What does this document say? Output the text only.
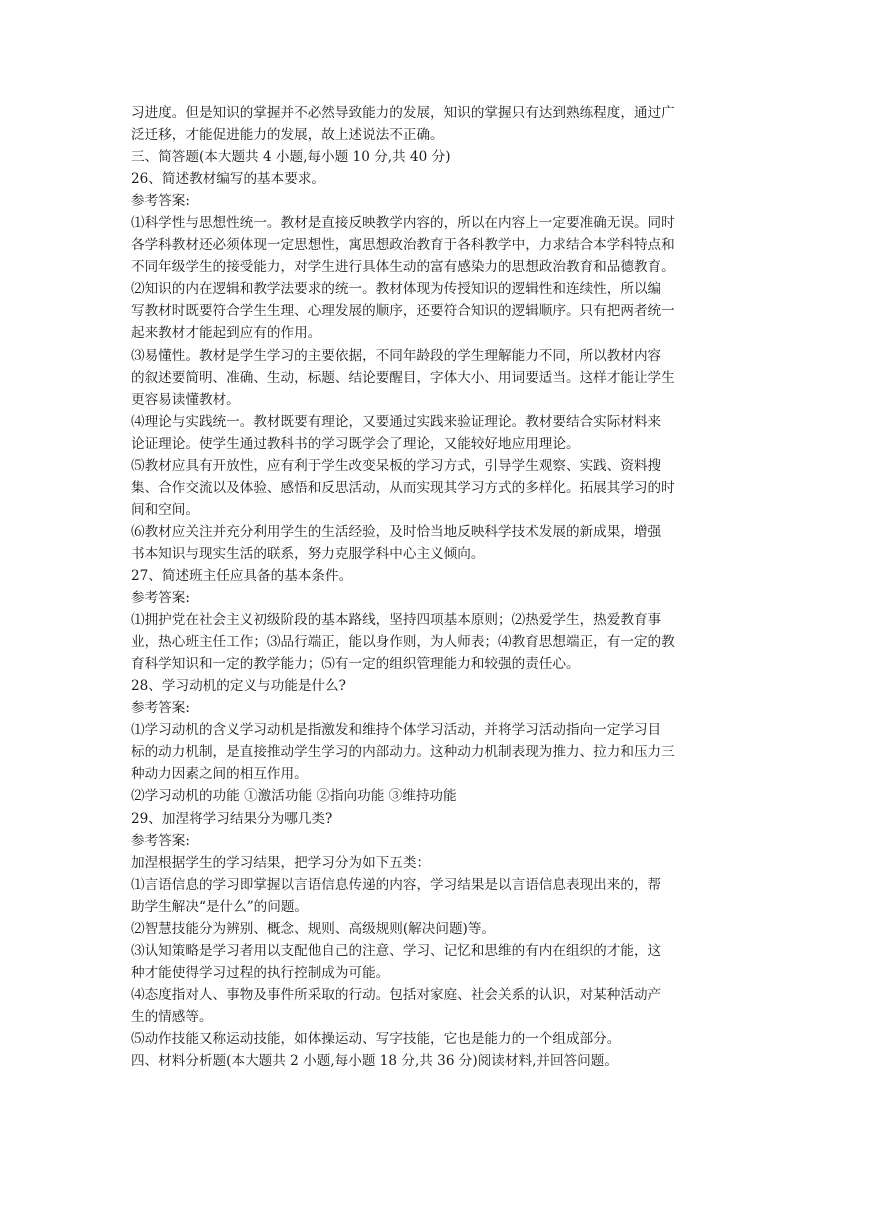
习进度。但是知识的掌握并不必然导致能力的发展，知识的掌握只有达到熟练程度，通过广
泛迁移，才能促进能力的发展，故上述说法不正确。
三、简答题(本大题共 4 小题,每小题 10 分,共 40 分)
26、简述教材编写的基本要求。
参考答案:
⑴科学性与思想性统一。教材是直接反映教学内容的，所以在内容上一定要准确无误。同时
各学科教材还必须体现一定思想性，寓思想政治教育于各科教学中，力求结合本学科特点和
不同年级学生的接受能力，对学生进行具体生动的富有感染力的思想政治教育和品德教育。
⑵知识的内在逻辑和教学法要求的统一。教材体现为传授知识的逻辑性和连续性，所以编
写教材时既要符合学生生理、心理发展的顺序，还要符合知识的逻辑顺序。只有把两者统一
起来教材才能起到应有的作用。
⑶易懂性。教材是学生学习的主要依据，不同年龄段的学生理解能力不同，所以教材内容
的叙述要简明、准确、生动，标题、结论要醒目，字体大小、用词要适当。这样才能让学生
更容易读懂教材。
⑷理论与实践统一。教材既要有理论，又要通过实践来验证理论。教材要结合实际材料来
论证理论。使学生通过教科书的学习既学会了理论，又能较好地应用理论。
⑸教材应具有开放性，应有利于学生改变呆板的学习方式，引导学生观察、实践、资料搜
集、合作交流以及体验、感悟和反思活动，从而实现其学习方式的多样化。拓展其学习的时
间和空间。
⑹教材应关注并充分利用学生的生活经验，及时恰当地反映科学技术发展的新成果，增强
书本知识与现实生活的联系，努力克服学科中心主义倾向。
27、简述班主任应具备的基本条件。
参考答案:
⑴拥护党在社会主义初级阶段的基本路线，坚持四项基本原则；⑵热爱学生，热爱教育事
业，热心班主任工作；⑶品行端正，能以身作则，为人师表；⑷教育思想端正，有一定的教
育科学知识和一定的教学能力；⑸有一定的组织管理能力和较强的责任心。
28、学习动机的定义与功能是什么?
参考答案:
⑴学习动机的含义学习动机是指激发和维持个体学习活动，并将学习活动指向一定学习目
标的动力机制，是直接推动学生学习的内部动力。这种动力机制表现为推力、拉力和压力三
种动力因素之间的相互作用。
⑵学习动机的功能 ①激活功能 ②指向功能 ③维持功能
29、加涅将学习结果分为哪几类?
参考答案:
加涅根据学生的学习结果，把学习分为如下五类：
⑴言语信息的学习即掌握以言语信息传递的内容，学习结果是以言语信息表现出来的，帮
助学生解决“是什么”的问题。
⑵智慧技能分为辨别、概念、规则、高级规则(解决问题)等。
⑶认知策略是学习者用以支配他自己的注意、学习、记忆和思维的有内在组织的才能，这
种才能使得学习过程的执行控制成为可能。
⑷态度指对人、事物及事件所采取的行动。包括对家庭、社会关系的认识，对某种活动产
生的情感等。
⑸动作技能又称运动技能，如体操运动、写字技能，它也是能力的一个组成部分。
四、材料分析题(本大题共 2 小题,每小题 18 分,共 36 分)阅读材料,并回答问题。
